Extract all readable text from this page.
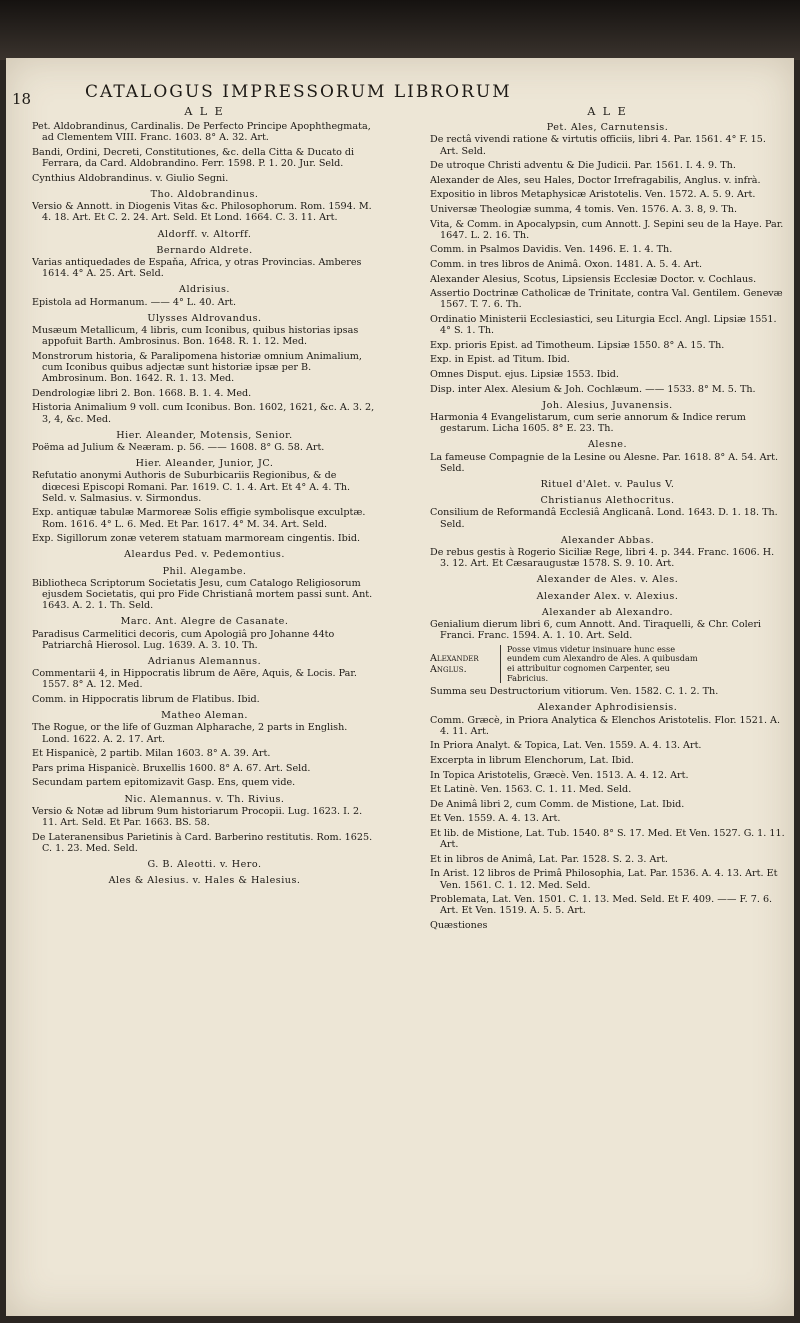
18	CATALOGUS IMPRESSORUM LIBRORUM
A L E
Pet. Aldobrandinus, Cardinalis. De Perfecto Principe Apophthegmata, ad Clementem VIII. Franc. 1603. 8° A. 32. Art.
Bandi, Ordini, Decreti, Constitutiones, &c. della Citta & Ducato di Ferrara, da Card. Aldobrandino. Ferr. 1598. P. 1. 20. Jur. Seld.
Cynthius Aldobrandinus. v. Giulio Segni.
Tho. Aldobrandinus.
Versio & Annott. in Diogenis Vitas &c. Philosophorum. Rom. 1594. M. 4. 18. Art. Et C. 2. 24. Art. Seld. Et Lond. 1664. C. 3. 11. Art.
Aldorff. v. Altorff.
Bernardo Aldrete.
Varias antiquedades de Espaňa, Africa, y otras Provincias. Amberes 1614. 4° A. 25. Art. Seld.
Aldrisius.
Epistola ad Hormanum. —— 4° L. 40. Art.
Ulysses Aldrovandus.
Musæum Metallicum, 4 libris, cum Iconibus, quibus historias ipsas appofuit Barth. Ambrosinus. Bon. 1648. R. 1. 12. Med.
Monstrorum historia, & Paralipomena historiæ omnium Animalium, cum Iconibus quibus adjectæ sunt historiæ ipsæ per B. Ambrosinum. Bon. 1642. R. 1. 13. Med.
Dendrologiæ libri 2. Bon. 1668. B. 1. 4. Med.
Historia Animalium 9 voll. cum Iconibus. Bon. 1602, 1621, &c. A. 3. 2, 3, 4, &c. Med.
Hier. Aleander, Motensis, Senior.
Poëma ad Julium & Neæram. p. 56. —— 1608. 8° G. 58. Art.
Hier. Aleander, Junior, JC.
Refutatio anonymi Authoris de Suburbicariis Regionibus, & de diœcesi Episcopi Romani. Par. 1619. C. 1. 4. Art. Et 4° A. 4. Th. Seld. v. Salmasius. v. Sirmondus.
Exp. antiquæ tabulæ Marmoreæ Solis effigie symbolisque exculptæ. Rom. 1616. 4° L. 6. Med. Et Par. 1617. 4° M. 34. Art. Seld.
Exp. Sigillorum zonæ veterem statuam marmoream cingentis. Ibid.
Aleardus Ped. v. Pedemontius.
Phil. Alegambe.
Bibliotheca Scriptorum Societatis Jesu, cum Catalogo Religiosorum ejusdem Societatis, qui pro Fide Christianâ mortem passi sunt. Ant. 1643. A. 2. 1. Th. Seld.
Marc. Ant. Alegre de Casanate.
Paradisus Carmelitici decoris, cum Apologiâ pro Johanne 44to Patriarchâ Hierosol. Lug. 1639. A. 3. 10. Th.
Adrianus Alemannus.
Commentarii 4, in Hippocratis librum de Aëre, Aquis, & Locis. Par. 1557. 8° A. 12. Med.
Comm. in Hippocratis librum de Flatibus. Ibid.
Matheo Aleman.
The Rogue, or the life of Guzman Alpharache, 2 parts in English. Lond. 1622. A. 2. 17. Art.
Et Hispanicè, 2 partib. Milan 1603. 8° A. 39. Art.
Pars prima Hispanicè. Bruxellis 1600. 8° A. 67. Art. Seld.
Secundam partem epitomizavit Gasp. Ens, quem vide.
Nic. Alemannus. v. Th. Rivius.
Versio & Notæ ad librum 9um historiarum Procopii. Lug. 1623. I. 2. 11. Art. Seld. Et Par. 1663. BS. 58.
De Lateranensibus Parietinis à Card. Barberino restitutis. Rom. 1625. C. 1. 23. Med. Seld.
G. B. Aleotti. v. Hero.
Ales & Alesius. v. Hales & Halesius.
A L E
Pet. Ales, Carnutensis.
De rectâ vivendi ratione & virtutis officiis, libri 4. Par. 1561. 4° F. 15. Art. Seld.
De utroque Christi adventu & Die Judicii. Par. 1561. I. 4. 9. Th.
Alexander de Ales, seu Hales, Doctor Irrefragabilis, Anglus. v. infrà.
Expositio in libros Metaphysicæ Aristotelis. Ven. 1572. A. 5. 9. Art.
Universæ Theologiæ summa, 4 tomis. Ven. 1576. A. 3. 8, 9. Th.
Vita, & Comm. in Apocalypsin, cum Annott. J. Sepini seu de la Haye. Par. 1647. L. 2. 16. Th.
Comm. in Psalmos Davidis. Ven. 1496. E. 1. 4. Th.
Comm. in tres libros de Animâ. Oxon. 1481. A. 5. 4. Art.
Alexander Alesius, Scotus, Lipsiensis Ecclesiæ Doctor. v. Cochlaus.
Assertio Doctrinæ Catholicæ de Trinitate, contra Val. Gentilem. Genevæ 1567. T. 7. 6. Th.
Ordinatio Ministerii Ecclesiastici, seu Liturgia Eccl. Angl. Lipsiæ 1551. 4° S. 1. Th.
Exp. prioris Epist. ad Timotheum. Lipsiæ 1550. 8° A. 15. Th.
Exp. in Epist. ad Titum. Ibid.
Omnes Disput. ejus. Lipsiæ 1553. Ibid.
Disp. inter Alex. Alesium & Joh. Cochlæum. —— 1533. 8° M. 5. Th.
Joh. Alesius, Juvanensis.
Harmonia 4 Evangelistarum, cum serie annorum & Indice rerum gestarum. Licha 1605. 8° E. 23. Th.
Alesne.
La fameuse Compagnie de la Lesine ou Alesne. Par. 1618. 8° A. 54. Art. Seld.
Rituel d'Alet. v. Paulus V.
Christianus Alethocritus.
Consilium de Reformandâ Ecclesiâ Anglicanâ. Lond. 1643. D. 1. 18. Th. Seld.
Alexander Abbas.
De rebus gestis à Rogerio Siciliæ Rege, libri 4. p. 344. Franc. 1606. H. 3. 12. Art. Et Cæsaraugustæ 1578. S. 9. 10. Art.
Alexander de Ales. v. Ales.
Alexander Alex. v. Alexius.
Alexander ab Alexandro.
Genialium dierum libri 6, cum Annott. And. Tiraquelli, & Chr. Coleri Franci. Franc. 1594. A. 1. 10. Art. Seld.
Alexander Anglus.
Posse vimus videtur insinuare hunc esse eundem cum Alexandro de Ales. A quibusdam ei attribuitur cognomen Carpenter, seu Fabricius.
Summa seu Destructorium vitiorum. Ven. 1582. C. 1. 2. Th.
Alexander Aphrodisiensis.
Comm. Græcè, in Priora Analytica & Elenchos Aristotelis. Flor. 1521. A. 4. 11. Art.
In Priora Analyt. & Topica, Lat. Ven. 1559. A. 4. 13. Art.
Excerpta in librum Elenchorum, Lat. Ibid.
In Topica Aristotelis, Græcè. Ven. 1513. A. 4. 12. Art.
Et Latinè. Ven. 1563. C. 1. 11. Med. Seld.
De Animâ libri 2, cum Comm. de Mistione, Lat. Ibid.
Et Ven. 1559. A. 4. 13. Art.
Et lib. de Mistione, Lat. Tub. 1540. 8° S. 17. Med. Et Ven. 1527. G. 1. 11. Art.
Et in libros de Animâ, Lat. Par. 1528. S. 2. 3. Art.
In Arist. 12 libros de Primâ Philosophia, Lat. Par. 1536. A. 4. 13. Art. Et Ven. 1561. C. 1. 12. Med. Seld.
Problemata, Lat. Ven. 1501. C. 1. 13. Med. Seld. Et F. 409. —— F. 7. 6. Art. Et Ven. 1519. A. 5. 5. Art.
Quæstiones
